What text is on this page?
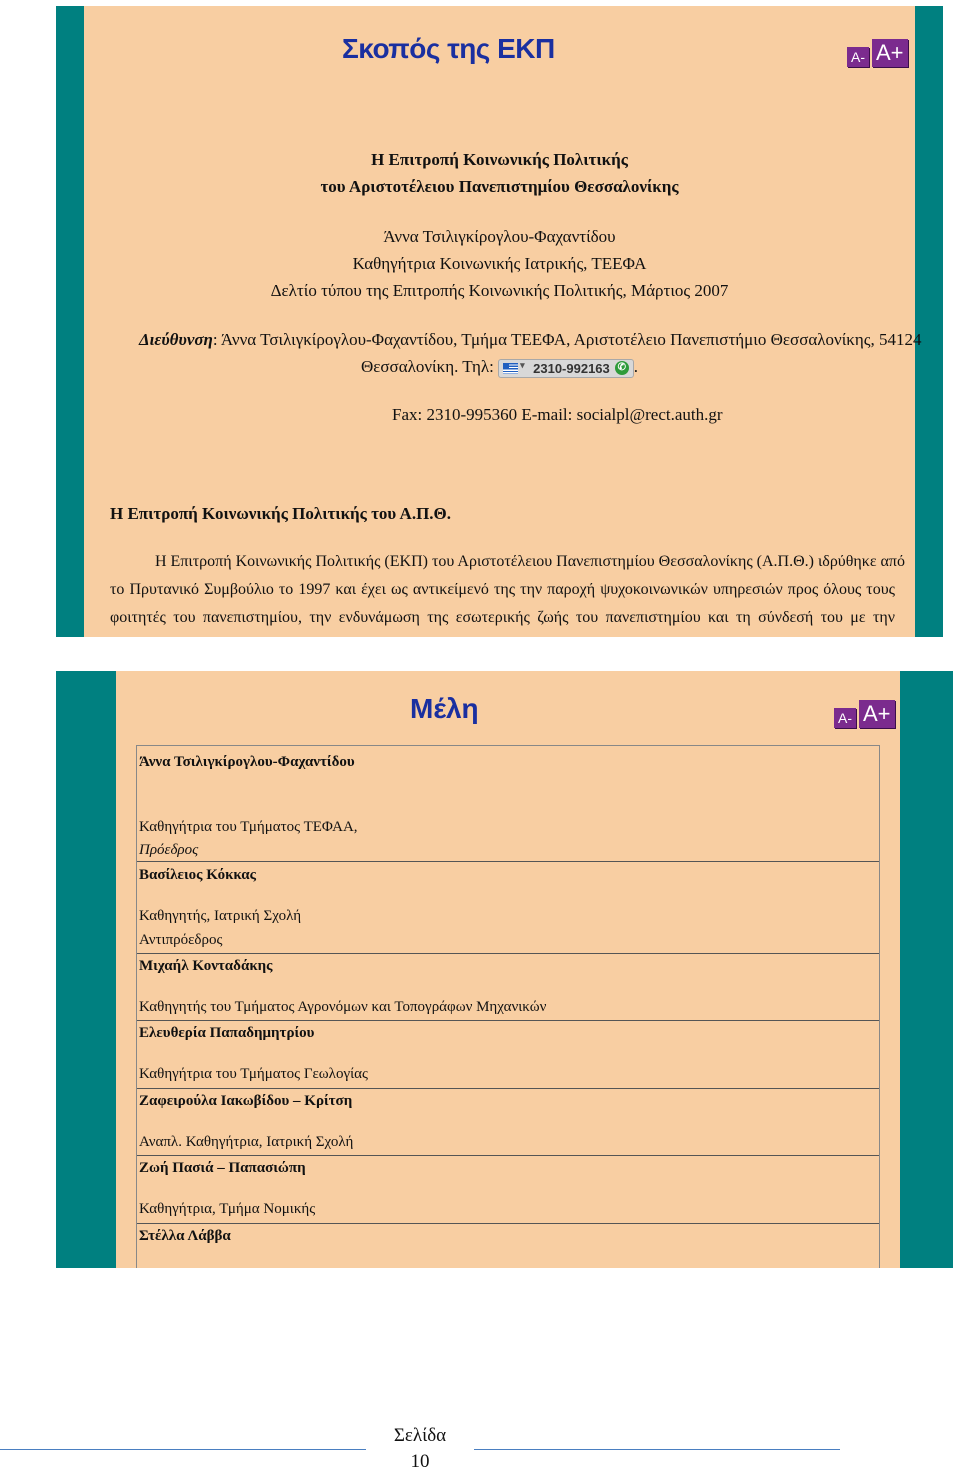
Σκοπός της ΕΚΠ	A- A+
Η Επιτροπή Κοινωνικής Πολιτικής
του Αριστοτέλειου Πανεπιστημίου Θεσσαλονίκης
Άννα Τσιλιγκίρογλου-Φαχαντίδου
Καθηγήτρια Κοινωνικής Ιατρικής, ΤΕΕΦΑ
Δελτίο τύπου της Επιτροπής Κοινωνικής Πολιτικής, Μάρτιος 2007
Διεύθυνση: Άννα Τσιλιγκίρογλου-Φαχαντίδου, Τμήμα ΤΕΕΦΑ, Αριστοτέλειο Πανεπιστήμιο Θεσσαλονίκης, 54124
Θεσσαλονίκη. Τηλ:
▾	2310-992163 ✆ .
Fax: 2310-995360 E-mail: socialpl@rect.auth.gr
Η Επιτροπή Κοινωνικής Πολιτικής του Α.Π.Θ.
Η Επιτροπή Κοινωνικής Πολιτικής (ΕΚΠ) του Αριστοτέλειου Πανεπιστημίου Θεσσαλονίκης (Α.Π.Θ.) ιδρύθηκε από
το Πρυτανικό Συμβούλιο το 1997 και έχει ως αντικείμενό της την παροχή ψυχοκοινωνικών υπηρεσιών προς όλους τους
φοιτητές του πανεπιστημίου, την ενδυνάμωση της εσωτερικής ζωής του πανεπιστημίου και τη σύνδεσή του με την
Μέλη	A- A+
Άννα Τσιλιγκίρογλου-Φαχαντίδου
Καθηγήτρια του Τμήματος ΤΕΦΑΑ,
Πρόεδρος
Βασίλειος Κόκκας
Καθηγητής, Ιατρική Σχολή
Αντιπρόεδρος
Μιχαήλ Κονταδάκης
Καθηγητής του Τμήματος Αγρονόμων και Τοπογράφων Μηχανικών
Ελευθερία Παπαδημητρίου
Καθηγήτρια του Τμήματος Γεωλογίας
Ζαφειρούλα Ιακωβίδου – Κρίτση
Αναπλ. Καθηγήτρια, Ιατρική Σχολή
Ζωή Πασιά – Παπασιώπη
Καθηγήτρια, Τμήμα Νομικής
Στέλλα Λάββα
Σελίδα
10
